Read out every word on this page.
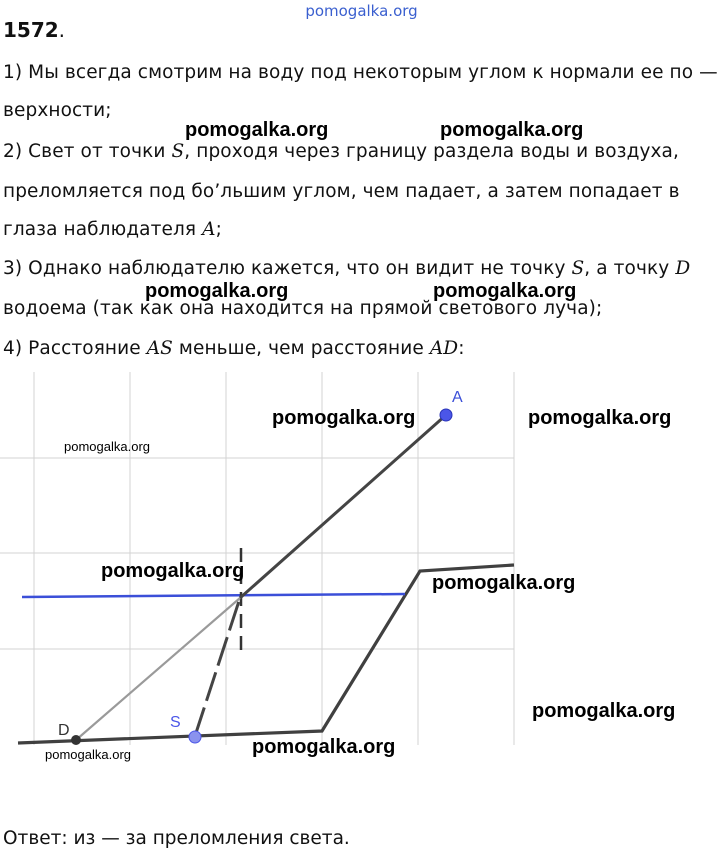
pomogalka.org
1572.
1) Мы всегда смотрим на воду под некоторым углом к нормали ее по —
верхности;
2) Свет от точки S, проходя через границу раздела воды и воздуха,
преломляется под бо’льшим углом, чем падает, а затем попадает в
глаза наблюдателя A;
3) Однако наблюдателю кажется, что он видит не точку S, а точку D
водоема (так как она находится на прямой светового луча);
4) Расстояние AS меньше, чем расстояние AD:
A
S
D
pomogalka.org	pomogalka.org
pomogalka.org	pomogalka.org
pomogalka.org	pomogalka.org
pomogalka.org
pomogalka.org
pomogalka.org
pomogalka.org
pomogalka.org
pomogalka.org
Ответ: из — за преломления света.
